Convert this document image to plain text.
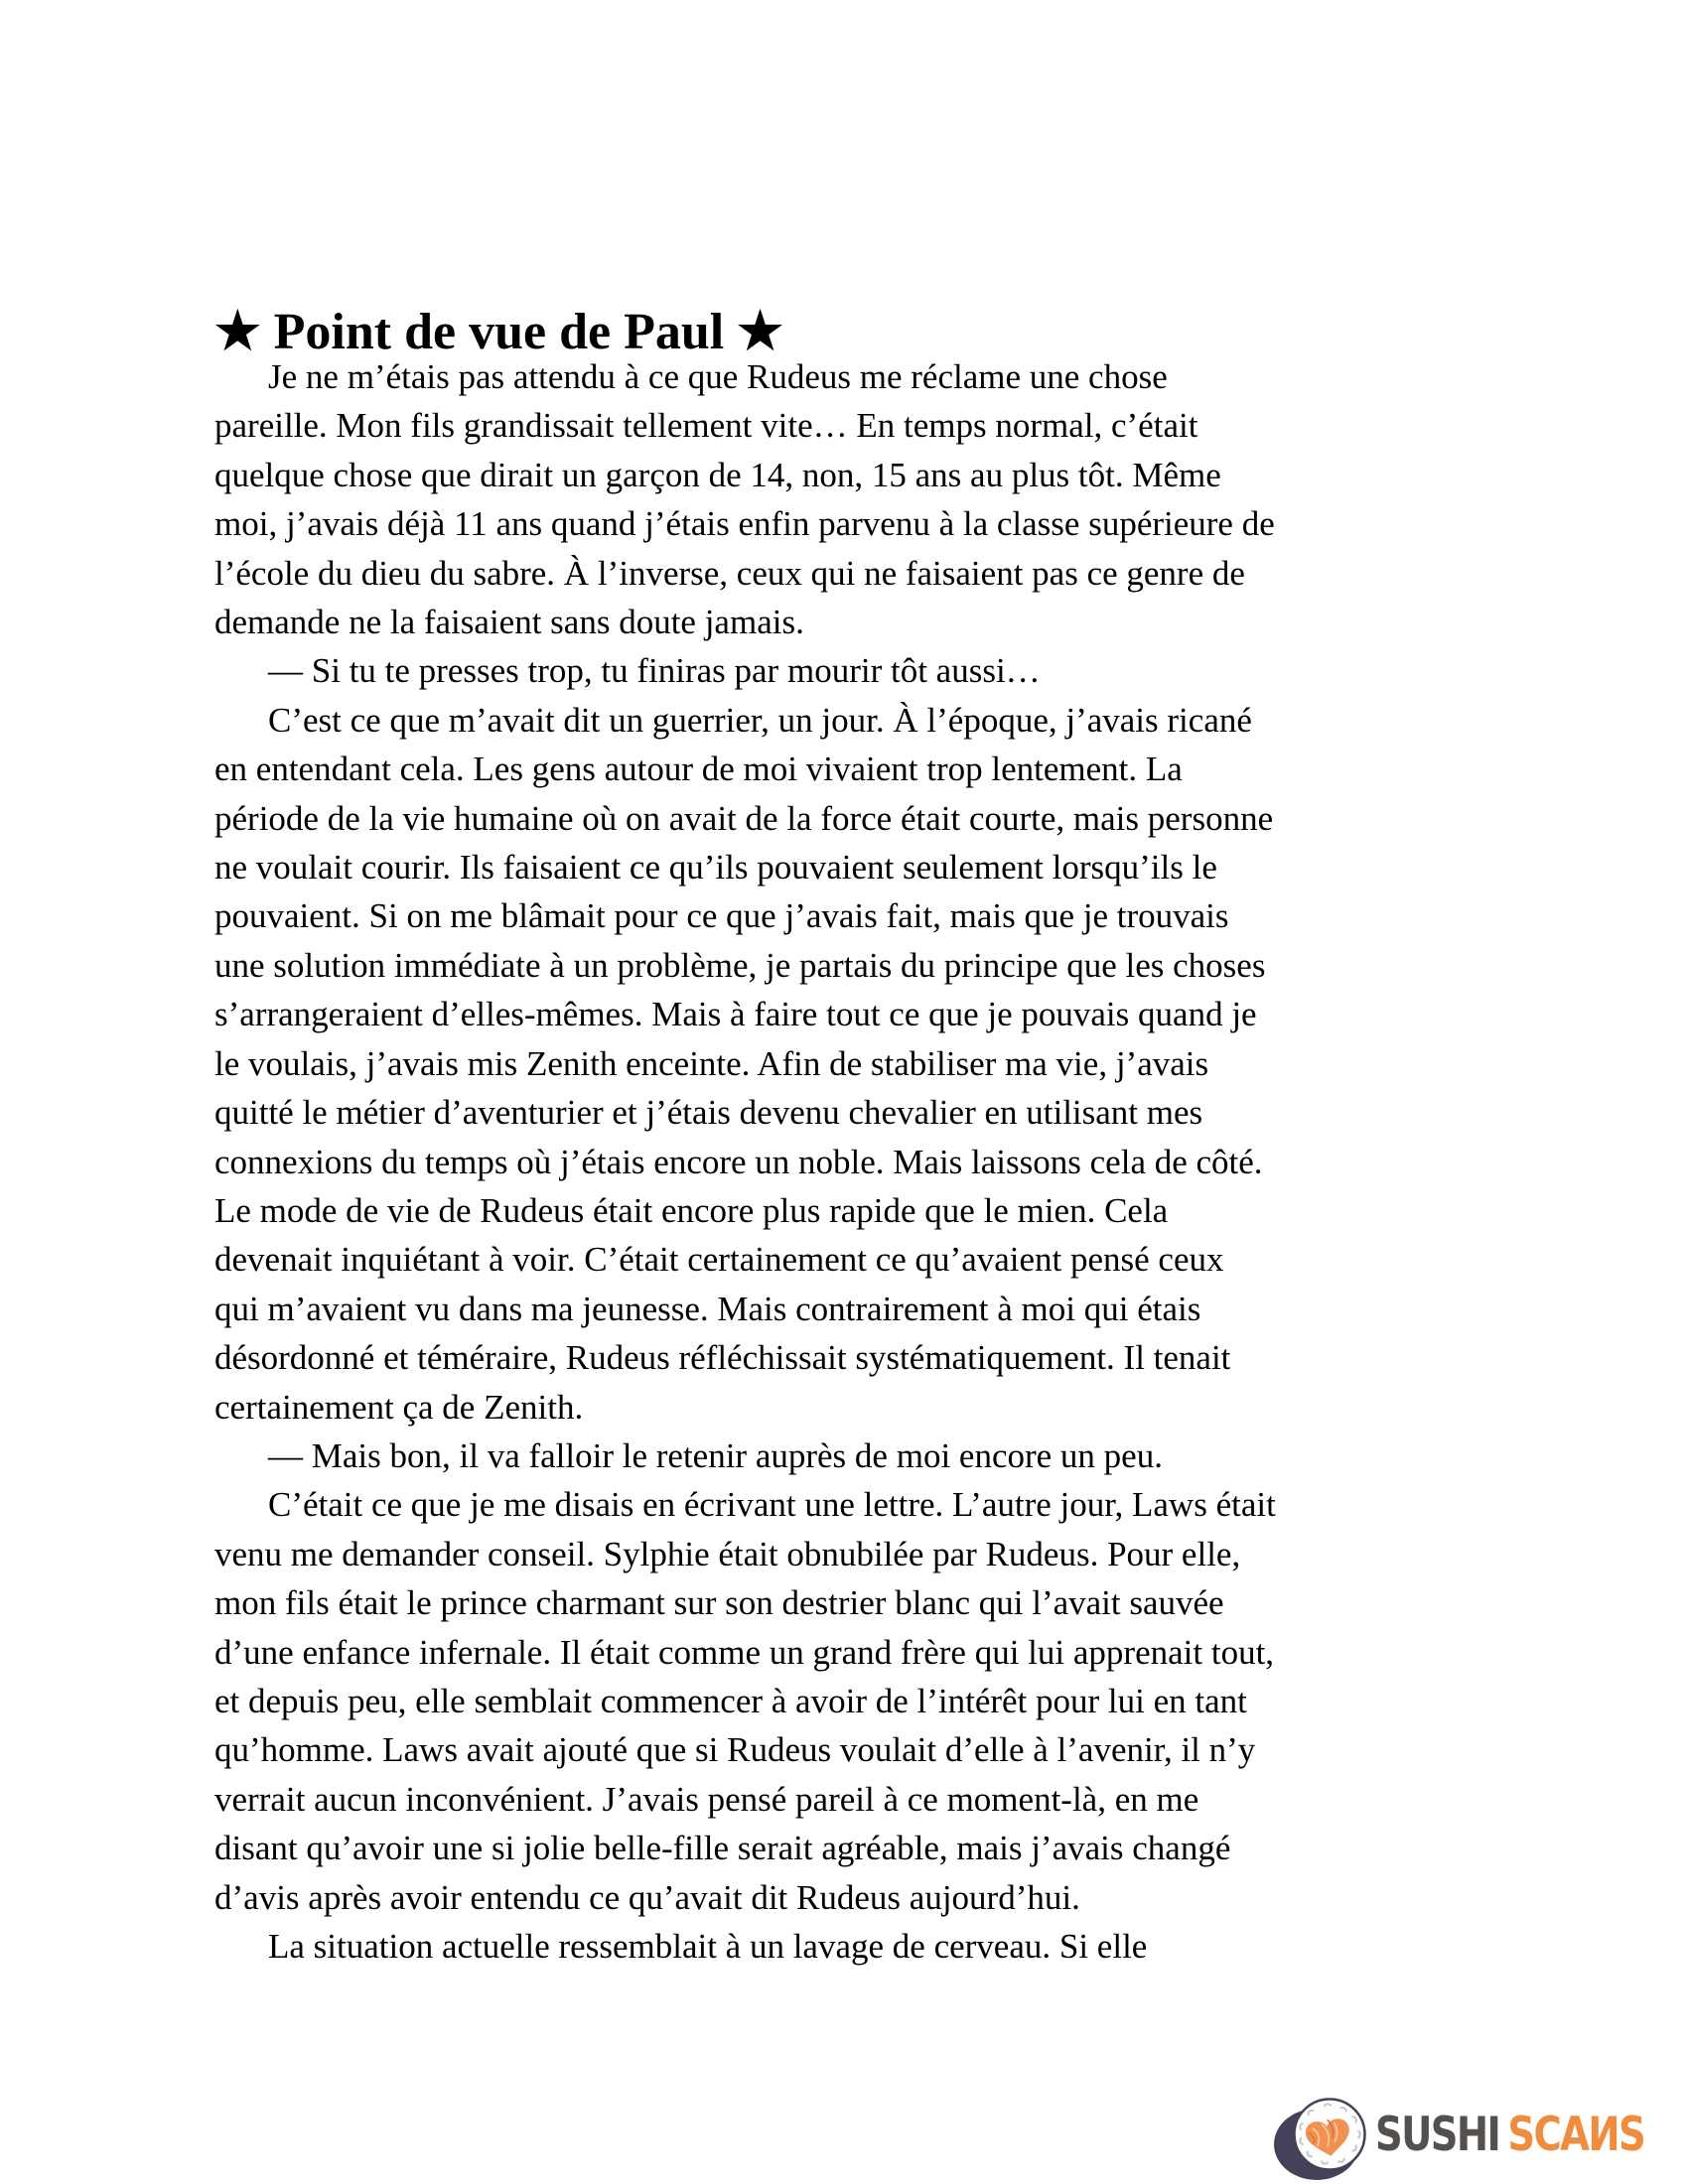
★ Point de vue de Paul ★
Je ne m’étais pas attendu à ce que Rudeus me réclame une chose
pareille. Mon fils grandissait tellement vite… En temps normal, c’était
quelque chose que dirait un garçon de 14, non, 15 ans au plus tôt. Même
moi, j’avais déjà 11 ans quand j’étais enfin parvenu à la classe supérieure de
l’école du dieu du sabre. À l’inverse, ceux qui ne faisaient pas ce genre de
demande ne la faisaient sans doute jamais.
— Si tu te presses trop, tu finiras par mourir tôt aussi…
C’est ce que m’avait dit un guerrier, un jour. À l’époque, j’avais ricané
en entendant cela. Les gens autour de moi vivaient trop lentement. La
période de la vie humaine où on avait de la force était courte, mais personne
ne voulait courir. Ils faisaient ce qu’ils pouvaient seulement lorsqu’ils le
pouvaient. Si on me blâmait pour ce que j’avais fait, mais que je trouvais
une solution immédiate à un problème, je partais du principe que les choses
s’arrangeraient d’elles-mêmes. Mais à faire tout ce que je pouvais quand je
le voulais, j’avais mis Zenith enceinte. Afin de stabiliser ma vie, j’avais
quitté le métier d’aventurier et j’étais devenu chevalier en utilisant mes
connexions du temps où j’étais encore un noble. Mais laissons cela de côté.
Le mode de vie de Rudeus était encore plus rapide que le mien. Cela
devenait inquiétant à voir. C’était certainement ce qu’avaient pensé ceux
qui m’avaient vu dans ma jeunesse. Mais contrairement à moi qui étais
désordonné et téméraire, Rudeus réfléchissait systématiquement. Il tenait
certainement ça de Zenith.
— Mais bon, il va falloir le retenir auprès de moi encore un peu.
C’était ce que je me disais en écrivant une lettre. L’autre jour, Laws était
venu me demander conseil. Sylphie était obnubilée par Rudeus. Pour elle,
mon fils était le prince charmant sur son destrier blanc qui l’avait sauvée
d’une enfance infernale. Il était comme un grand frère qui lui apprenait tout,
et depuis peu, elle semblait commencer à avoir de l’intérêt pour lui en tant
qu’homme. Laws avait ajouté que si Rudeus voulait d’elle à l’avenir, il n’y
verrait aucun inconvénient. J’avais pensé pareil à ce moment-là, en me
disant qu’avoir une si jolie belle-fille serait agréable, mais j’avais changé
d’avis après avoir entendu ce qu’avait dit Rudeus aujourd’hui.
La situation actuelle ressemblait à un lavage de cerveau. Si elle
SUSHI SCAИS
